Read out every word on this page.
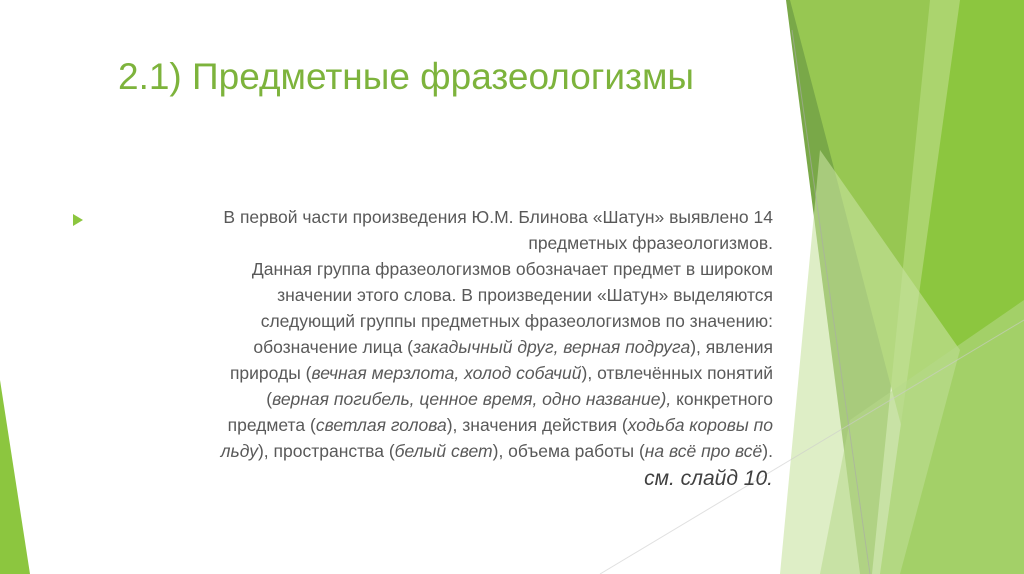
2.1) Предметные фразеологизмы
В первой части произведения Ю.М. Блинова «Шатун» выявлено 14
предметных фразеологизмов.
Данная группа фразеологизмов обозначает предмет в широком
значении этого слова. В произведении «Шатун» выделяются
следующий группы предметных фразеологизмов по значению:
обозначение лица (закадычный друг, верная подруга), явления
природы (вечная мерзлота, холод собачий), отвлечённых понятий
(верная погибель, ценное время, одно название), конкретного
предмета (светлая голова), значения действия (ходьба коровы по
льду), пространства (белый свет), объема работы (на всё про всё).
см. слайд 10.
